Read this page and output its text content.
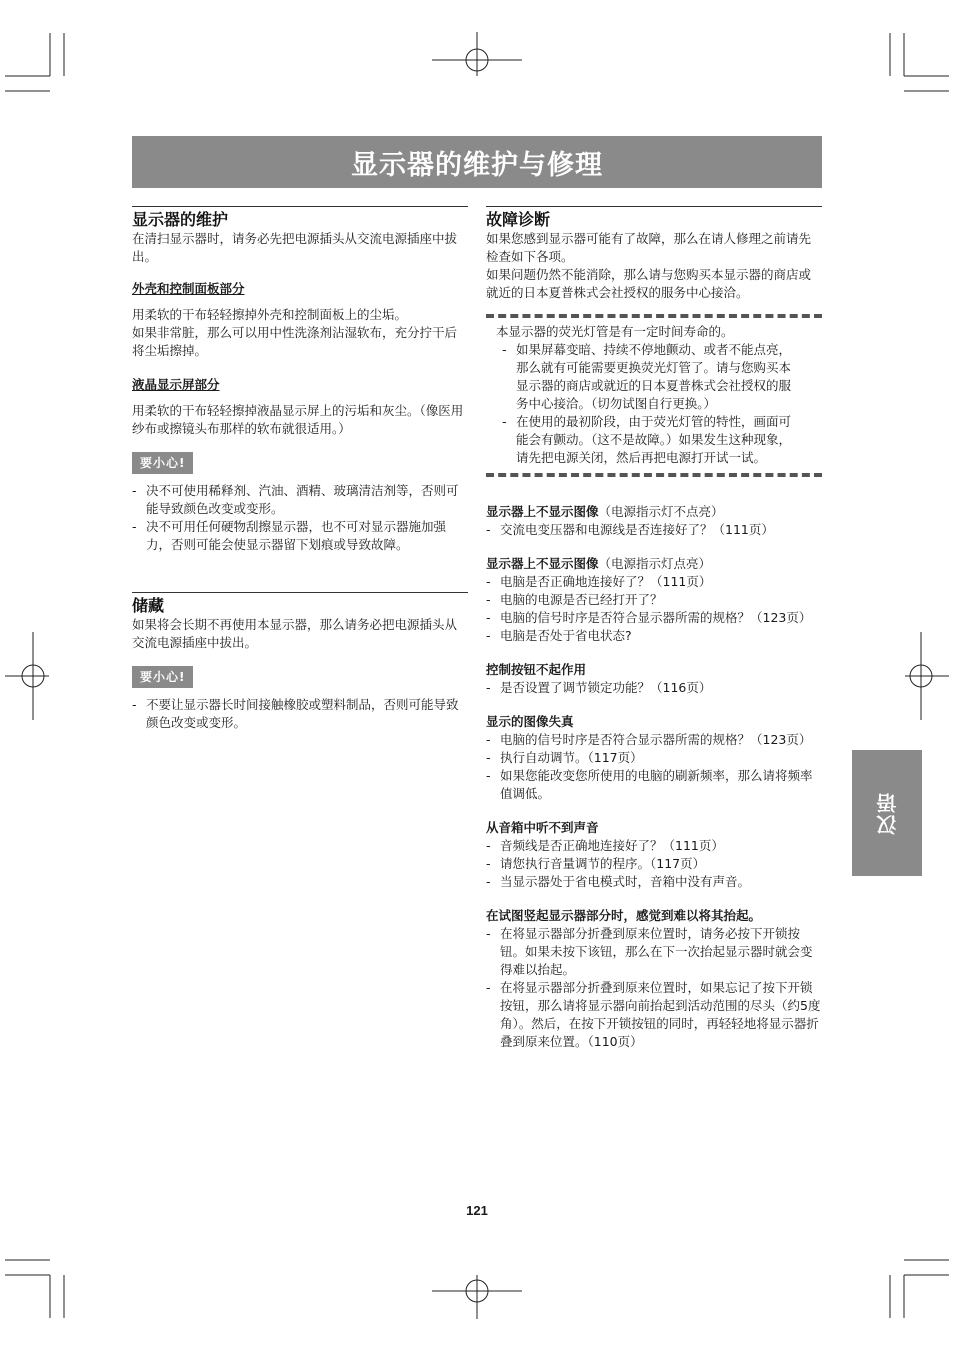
显示器的维护与修理
显示器的维护

在清扫显示器时，请务必先把电源插头从交流电源插座中拔出。

外壳和控制面板部分

用柔软的干布轻轻擦掉外壳和控制面板上的尘垢。

如果非常脏，那么可以用中性洗涤剂沾湿软布，充分拧干后将尘垢擦掉。

液晶显示屏部分

用柔软的干布轻轻擦掉液晶显示屏上的污垢和灰尘。（像医用纱布或擦镜头布那样的软布就很适用。）

要小心!
- 决不可使用稀释剂、汽油、酒精、玻璃清洁剂等，否则可能导致颜色改变或变形。
- 决不可用任何硬物刮擦显示器，也不可对显示器施加强力，否则可能会使显示器留下划痕或导致故障。
储藏

如果将会长期不再使用本显示器，那么请务必把电源插头从交流电源插座中拔出。

要小心!
- 不要让显示器长时间接触橡胶或塑料制品，否则可能导致颜色改变或变形。
故障诊断

如果您感到显示器可能有了故障，那么在请人修理之前请先检查如下各项。

如果问题仍然不能消除，那么请与您购买本显示器的商店或就近的日本夏普株式会社授权的服务中心接洽。

本显示器的荧光灯管是有一定时间寿命的。

- 如果屏幕变暗、持续不停地颤动、或者不能点亮，那么就有可能需要更换荧光灯管了。请与您购买本显示器的商店或就近的日本夏普株式会社授权的服务中心接洽。（切勿试图自行更换。）
- 在使用的最初阶段，由于荧光灯管的特性，画面可能会有颤动。（这不是故障。）如果发生这种现象，请先把电源关闭，然后再把电源打开试一试。

显示器上不显示图像（电源指示灯不点亮）

- 交流电变压器和电源线是否连接好了？（111页）

显示器上不显示图像（电源指示灯点亮）

- 电脑是否正确地连接好了？（111页）
- 电脑的电源是否已经打开了？
- 电脑的信号时序是否符合显示器所需的规格？（123页）
- 电脑是否处于省电状态?

控制按钮不起作用

- 是否设置了调节锁定功能？（116页）

显示的图像失真

- 电脑的信号时序是否符合显示器所需的规格？（123页）
- 执行自动调节。（117页）
- 如果您能改变您所使用的电脑的刷新频率，那么请将频率值调低。

从音箱中听不到声音

- 音频线是否正确地连接好了？（111页）
- 请您执行音量调节的程序。（117页）
- 当显示器处于省电模式时，音箱中没有声音。

在试图竖起显示器部分时，感觉到难以将其抬起。

- 在将显示器部分折叠到原来位置时，请务必按下开锁按钮。如果未按下该钮，那么在下一次抬起显示器时就会变得难以抬起。
- 在将显示器部分折叠到原来位置时，如果忘记了按下开锁按钮，那么请将显示器向前抬起到活动范围的尽头（约5度角）。然后，在按下开锁按钮的同时，再轻轻地将显示器折叠到原来位置。（110页）
汉语
121
